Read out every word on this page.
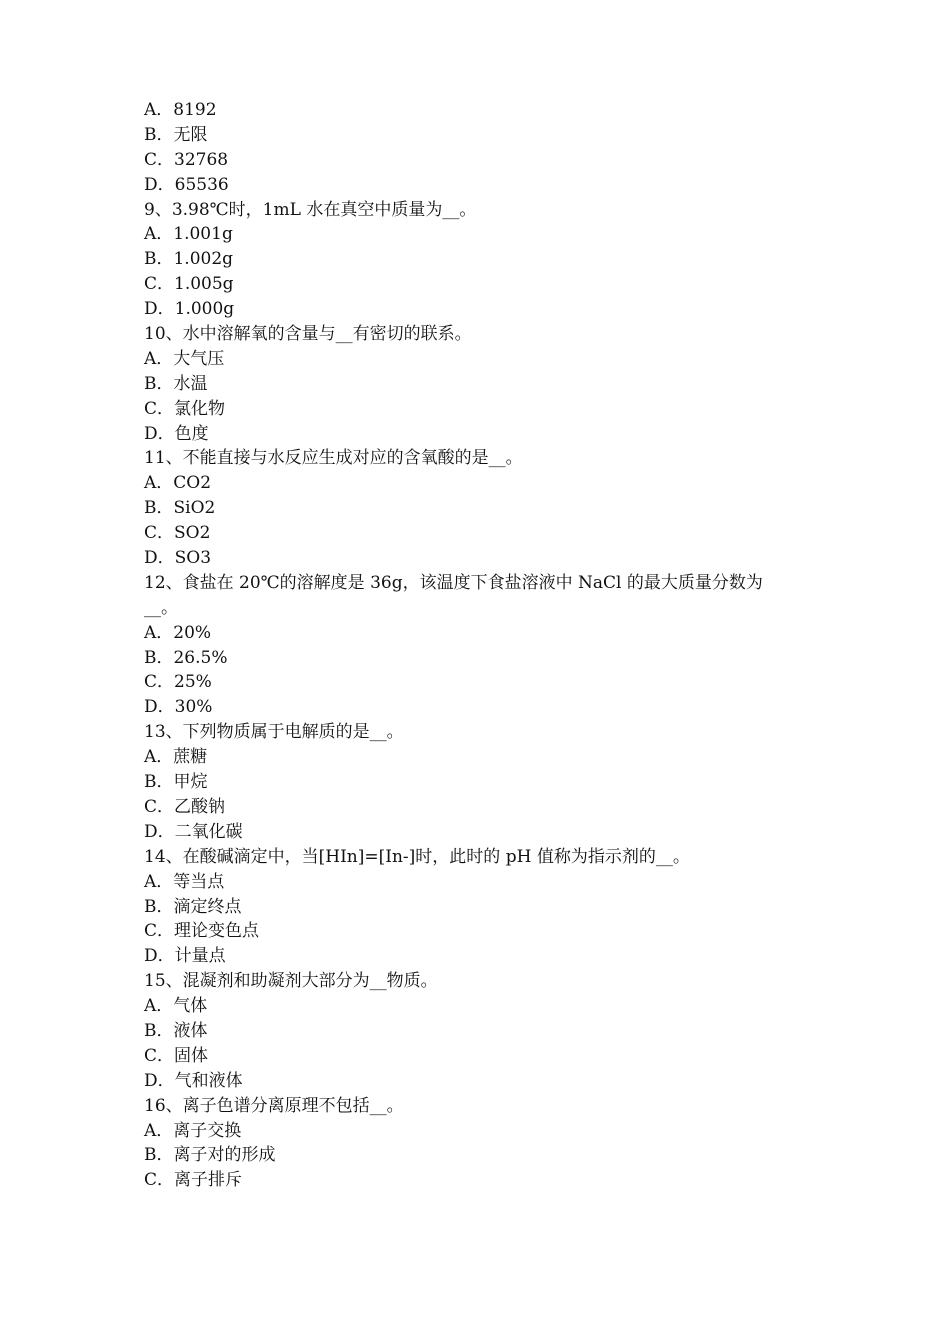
A．8192
B．无限
C．32768
D．65536
9、3.98℃时，1mL 水在真空中质量为__。
A．1.001g
B．1.002g
C．1.005g
D．1.000g
10、水中溶解氧的含量与__有密切的联系。
A．大气压
B．水温
C．氯化物
D．色度
11、不能直接与水反应生成对应的含氧酸的是__。
A．CO2
B．SiO2
C．SO2
D．SO3
12、食盐在 20℃的溶解度是 36g，该温度下食盐溶液中 NaCl 的最大质量分数为
__。
A．20%
B．26.5%
C．25%
D．30%
13、下列物质属于电解质的是__。
A．蔗糖
B．甲烷
C．乙酸钠
D．二氧化碳
14、在酸碱滴定中，当[HIn]=[In-]时，此时的 pH 值称为指示剂的__。
A．等当点
B．滴定终点
C．理论变色点
D．计量点
15、混凝剂和助凝剂大部分为__物质。
A．气体
B．液体
C．固体
D．气和液体
16、离子色谱分离原理不包括__。
A．离子交换
B．离子对的形成
C．离子排斥
